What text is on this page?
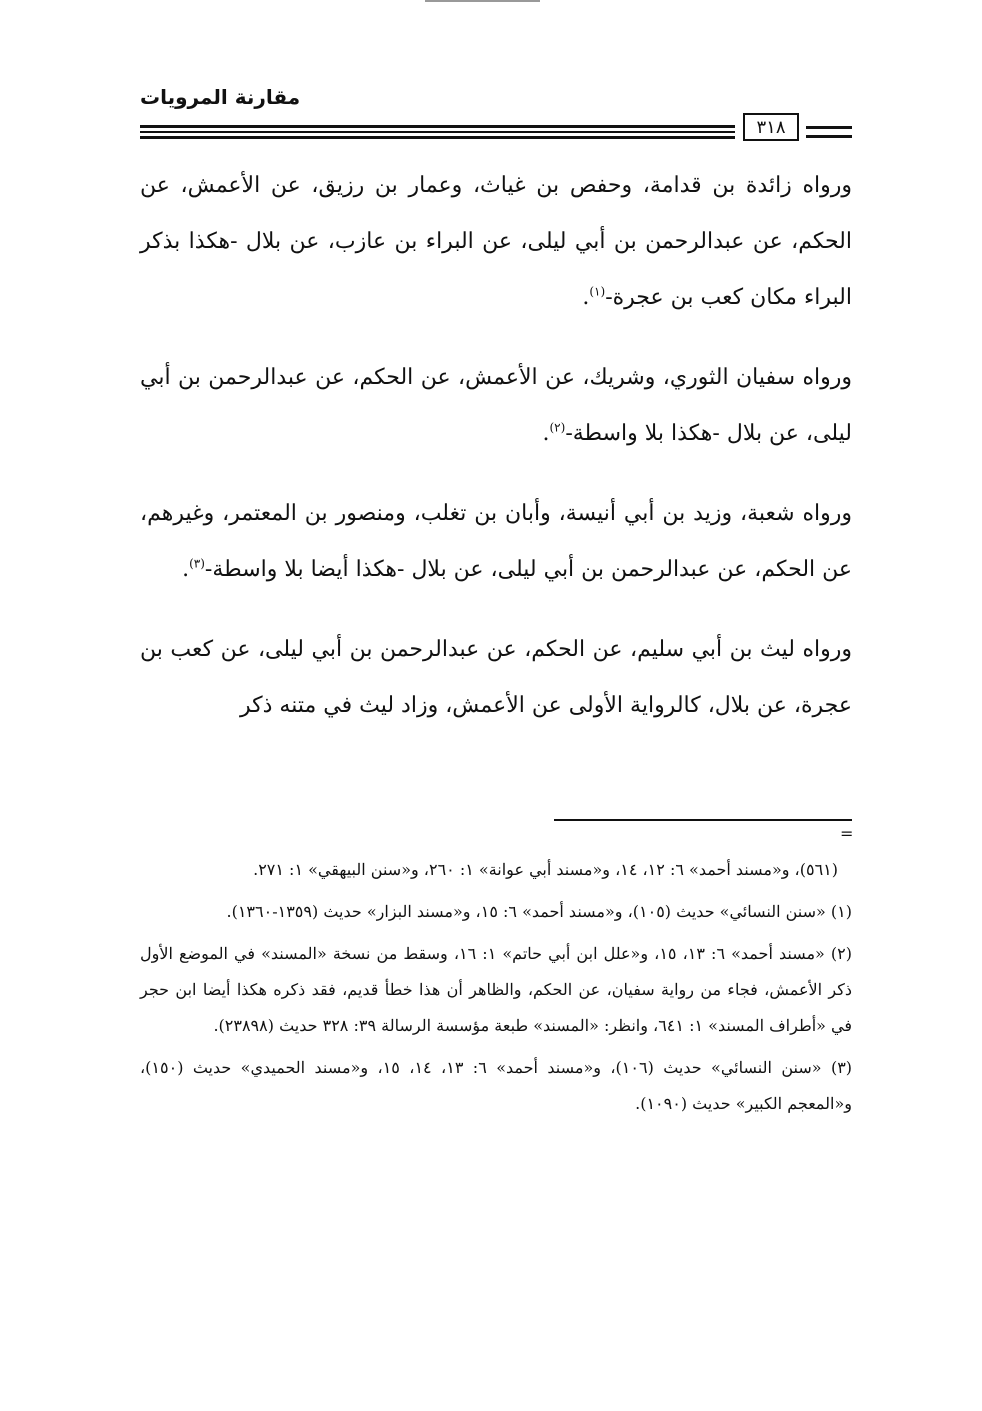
مقارنة المرويات
٣١٨

ورواه زائدة بن قدامة، وحفص بن غياث، وعمار بن رزيق، عن الأعمش، عن الحكم، عن عبدالرحمن بن أبي ليلى، عن البراء بن عازب، عن بلال -هكذا بذكر البراء مكان كعب بن عجرة-$^{(١)}$.

ورواه سفيان الثوري، وشريك، عن الأعمش، عن الحكم، عن عبدالرحمن بن أبي ليلى، عن بلال -هكذا بلا واسطة-$^{(٢)}$.

ورواه شعبة، وزيد بن أبي أنيسة، وأبان بن تغلب، ومنصور بن المعتمر، وغيرهم، عن الحكم، عن عبدالرحمن بن أبي ليلى، عن بلال -هكذا أيضا بلا واسطة-$^{(٣)}$.

ورواه ليث بن أبي سليم، عن الحكم، عن عبدالرحمن بن أبي ليلى، عن كعب بن عجرة، عن بلال، كالرواية الأولى عن الأعمش، وزاد ليث في متنه ذكر

=

(٥٦١)، و«مسند أحمد» ٦: ١٢، ١٤، و«مسند أبي عوانة» ١: ٢٦٠، و«سنن البيهقي» ١: ٢٧١.

(١) «سنن النسائي» حديث (١٠٥)، و«مسند أحمد» ٦: ١٥، و«مسند البزار» حديث (١٣٥٩-١٣٦٠).

(٢) «مسند أحمد» ٦: ١٣، ١٥، و«علل ابن أبي حاتم» ١: ١٦، وسقط من نسخة «المسند» في الموضع الأول ذكر الأعمش، فجاء من رواية سفيان، عن الحكم، والظاهر أن هذا خطأ قديم، فقد ذكره هكذا أيضا ابن حجر في «أطراف المسند» ١: ٦٤١، وانظر: «المسند» طبعة مؤسسة الرسالة ٣٩: ٣٢٨ حديث (٢٣٨٩٨).

(٣) «سنن النسائي» حديث (١٠٦)، و«مسند أحمد» ٦: ١٣، ١٤، ١٥، و«مسند الحميدي» حديث (١٥٠)، و«المعجم الكبير» حديث (١٠٩٠).
